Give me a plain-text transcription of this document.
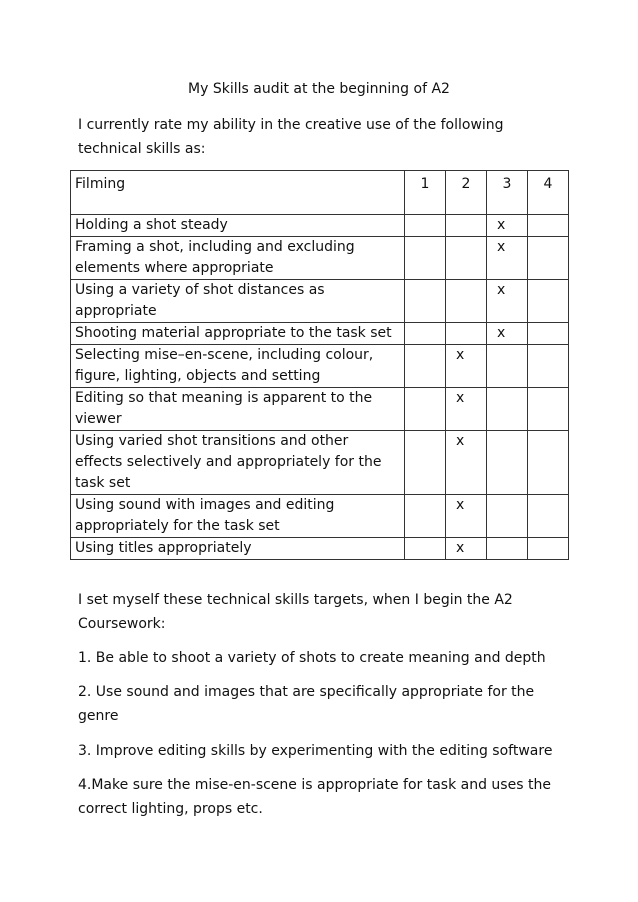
My Skills audit at the beginning of A2

I currently rate my ability in the creative use of the following technical skills as:

Filming	1	2	3	4
Holding a shot steady			x	
Framing a shot, including and excluding elements where appropriate			x	
Using a variety of shot distances as appropriate			x	
Shooting material appropriate to the task set			x	
Selecting mise–en-scene, including colour, figure, lighting, objects and setting		x		
Editing so that meaning is apparent to the viewer		x		
Using varied shot transitions and other effects selectively and appropriately for the task set		x		
Using sound with images and editing appropriately for the task set		x		
Using titles appropriately		x		

I set myself these technical skills targets, when I begin the A2 Coursework:

1. Be able to shoot a variety of shots to create meaning and depth

2. Use sound and images that are specifically appropriate for the genre

3. Improve editing skills by experimenting with the editing software

4.Make sure the mise-en-scene is appropriate for task and uses the correct lighting, props etc.
